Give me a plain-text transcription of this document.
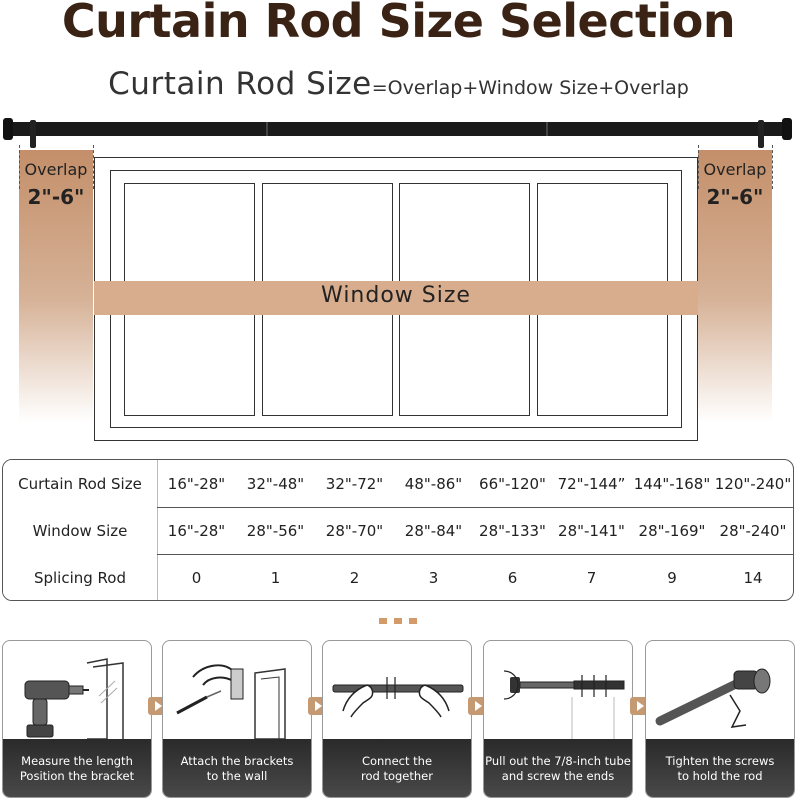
Curtain Rod Size Selection
Curtain Rod Size=Overlap+Window Size+Overlap
Overlap
2"-6"
Overlap
2"-6"
Window Size
Curtain Rod Size	16"-28"	32"-48"	32"-72"	48"-86"	66"-120" 72"-144” 144"-168" 120"-240"
Window Size	16"-28"	28"-56"	28"-70"	28"-84"	28"-133" 28"-141" 28"-169" 28"-240"
Splicing Rod	0	1	2	3	6	7	9	14
Measure the length
Position the bracket
Attach the brackets
to the wall
Connect the
rod together
Pull out the 7/8-inch tube
and screw the ends
Tighten the screws
to hold the rod
